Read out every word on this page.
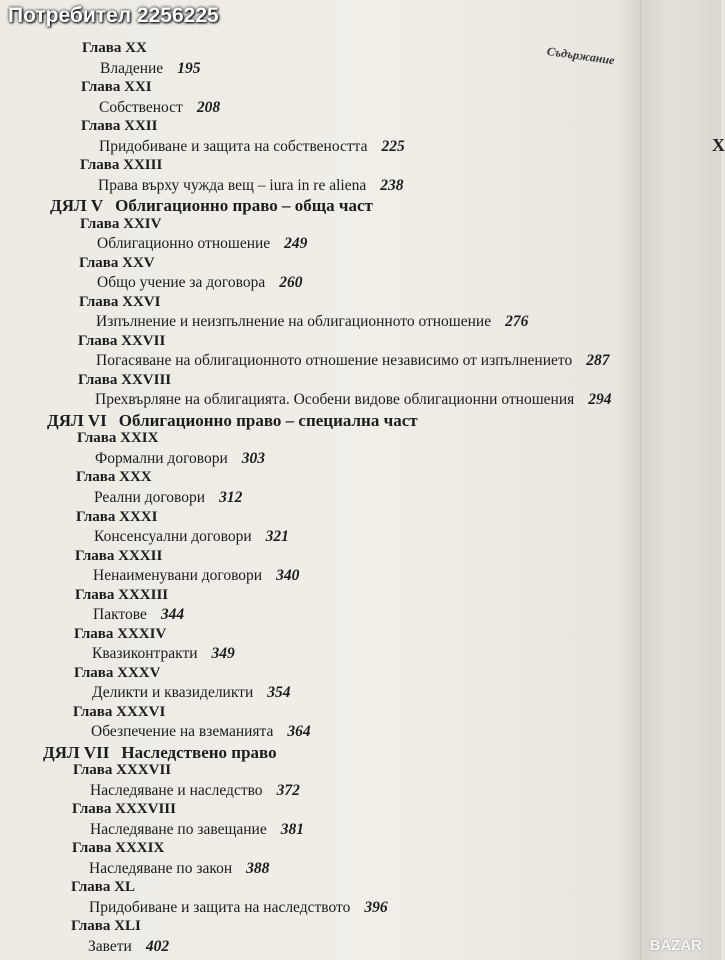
Х
Потребител 2256225
Съдържание
Глава XX
Владение 195
Глава XXI
Собственост 208
Глава XXII
Придобиване и защита на собствеността 225
Глава XXIII
Права върху чужда вещ – iura in re aliena 238
ДЯЛ V Облигационно право – обща част
Глава XXIV
Облигационно отношение 249
Глава XXV
Общо учение за договора 260
Глава XXVI
Изпълнение и неизпълнение на облигационното отношение 276
Глава XXVII
Погасяване на облигационното отношение независимо от изпълнението 287
Глава XXVIII
Прехвърляне на облигацията. Особени видове облигационни отношения 294
ДЯЛ VI Облигационно право – специална част
Глава XXIX
Формални договори 303
Глава XXX
Реални договори 312
Глава XXXI
Консенсуални договори 321
Глава XXXII
Ненаименувани договори 340
Глава XXXIII
Пактове 344
Глава XXXIV
Квазиконтракти 349
Глава XXXV
Деликти и квазиделикти 354
Глава XXXVI
Обезпечение на вземанията 364
ДЯЛ VII Наследствено право
Глава XXXVII
Наследяване и наследство 372
Глава XXXVIII
Наследяване по завещание 381
Глава XXXIX
Наследяване по закон 388
Глава XL
Придобиване и защита на наследството 396
Глава XLI
Завети 402	BAZAR
